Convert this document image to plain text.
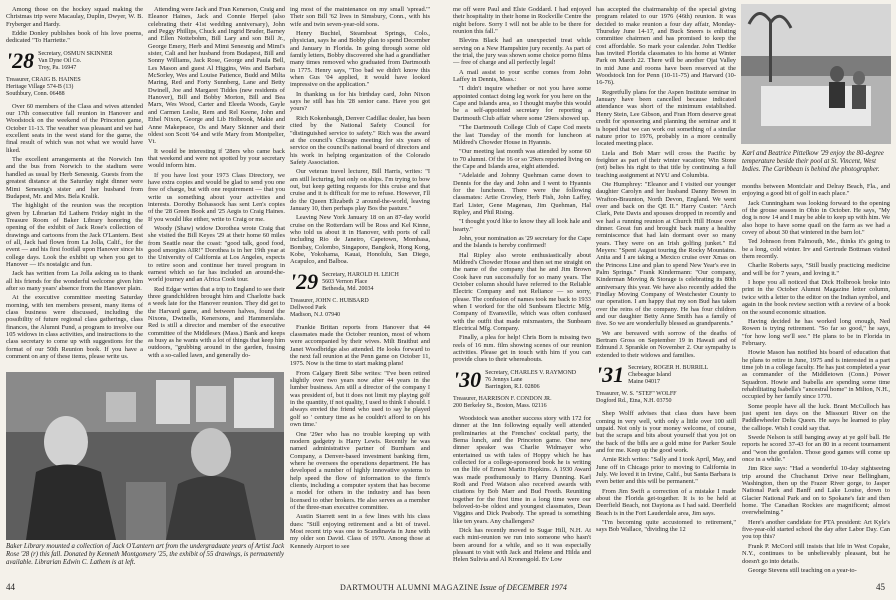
Among those on the hockey squad making the Christmas trip were Macaulay, Duplin, Dwyer, W. B. Fryberger and Hardy.

Eddie Donley publishes book of his love poems, dedicated "To Harriette."

'28 Secretary, OSMUN SKINNER
Van Dyne Oil Co.
Troy, Pa. 16947
Treasurer, CRAIG B. HAINES
Heritage Village 574-B (13)
Southbury, Conn. 06488

Over 60 members of the Class and wives attended our 17th consecutive fall reunion in Hanover and Woodstock on the weekend of the Princeton game, October 11-13. The weather was pleasant and we had excellent seats in the west stand for the game, the final result of which was not what we would have liked.

The excellent arrangements at the Norwich Inn and the bus from Norwich to the stadium were handled as usual by Herb Senesnig. Guests from the greatest distance at the Saturday night dinner were Mimi Senesnig's sister and her husband from Budapest, Mr. and Mrs. Bela Kralik.

The highlight of the reunion was the reception given by Librarian Ed Lathem Friday night in the Treasure Room of Baker Library honoring the opening of the exhibit of Jack Rose's collection of drawings and cartoons from the Jack O'Lantern. Best of all, Jack had flown from La Jolla, Calif., for the event — and his first footfall upon Hanover since his college days. Look the exhibit up when you get to Hanover — it's nostalgic and fun.

Jack has written from La Jolla asking us to thank all his friends for the wonderful welcome given him after so many years' absence from the Hanover plain.

At the executive committee meeting Saturday morning, with ten members present, many items of class business were discussed, including the possibility of future regional class gatherings, class finances, the Alumni Fund, a program to involve our 105 widows in class activities, and instructions to the class secretary to come up with suggestions for the format of our 50th Reunion book. If you have a comment on any of these items, please write us.

Attending were Jack and Fran Kenerson, Craig and Eleanor Haines, Jack and Connie Herpel (also celebrating their 41st wedding anniversary), John and Peggy Phillips, Chuck and Ingrid Bruder, Barney and Ellen Nottebohm, Bill Lary and son Bill Jr., George Emery, Herb and Mimi Senesnig and Mimi's sister, Cali and her husband from Budapest, Bill and Sonny Williams, Jack Rose, George and Paula Bell, Les Mason and guest Al Higgins, Wes and Barbara McSorley, Wes and Louise Patience, Budd and Milta Maring, Red and Forty Sunnberg, Lane and Betty Dwinell, Joe and Margaret Tiddes (new residents of Hanover), Bill and Bobby Morton, Bill and Bea Marx, Wes Wood, Carter and Eleeda Woods, Gayle and Carmen Leslie, Rem and Rel Keene, John and Ethel Nixon, George and Lib Holbrook, Makie and Anne Makepeace, Os and Mary Skinner and their oldest son Scott '64 and wife Mary from Montpelier, Vt.

It would be interesting if '28ers who came back that weekend and were not spotted by your secretary would inform him.

If you have lost your 1973 Class Directory, we have extra copies and would be glad to send you one free of charge, but with one requirement — that you write us something about your activities and interests. Dorothy Bohassock has sent Len's copies of the '28 Green Book and '25 Aegis to Craig Haines. If you would like either, write to Craig or me.

Woody (Shaw) widow Dorothea wrote Craig that she visited the Bill Keyes '29 at their home 60 miles from Seattle near the coast: "good talk, good food, good smorgies AIR!" Dorothea is in her 19th year at the University of California at Los Angeles, expects to retire soon and continue her travel program in earnest which so far has included an around-the-world journey and an Africa Cook tour.

Red Edgar writes that a trip to England to see their three grandchildren brought him and Charlotte back a week late for the Hanover reunion. They did get to the Harvard game, and between halves, found the Nixons, Dwinells, Kenersons, and Hammerslahs. Red is still a director and member of the executive committee of the Middlesex (Mass.) Bank and keeps as busy as he wants with a lot of things that keep him outdoors, "grubbing around in the garden, fussing with a so-called lawn, and generally do-

ing most of the maintenance on my small 'spread.'" Their son Bill '62 lives in Simsbury, Conn., with his wife and twin seven-year-old sons.

Henry Buchtel, Steamboat Springs, Colo., physician, says he and Bobby plan to spend December and January in Florida. In going through some old family letters, Bobby discovered she had a grandfather many times removed who graduated from Dartmouth in 1775. Henry says, "Too bad we didn't know this when Gus '04 applied, it would have looked impressive on the application."

In thanking us for his birthday card, John Nixon says he still has his '28 senior cane. Have you got yours?

Rich Kokenbaugh, Denver Cadillac dealer, has been cited by the National Safety Council for "distinguished service to safety." Rich was the award at the council's Chicago meeting for six years of service on the council's national board of directors and his work in helping organization of the Colorado Safety Association.

Our veteran travel lecturer, Bill Harris, writes: "I am still lecturing, but only on ships. I'm trying to bow out, but keep getting requests for this cruise and that cruise and it is difficult for me to refuse. However, I'll do the Queen Elizabeth 2 around-the-world, leaving January 10, then perhaps play Bos the pasture."

Leaving New York January 18 on an 87-day world cruise on the Rotterdam will be Ross and Kel Kinne, who told us about it in Hanover, with ports of call including Rio de Janeiro, Capetown, Mombasa, Bombay, Colombo, Singapore, Bangkok, Hong Kong, Kobe, Yokohama, Kauai, Honolulu, San Diego, Acapulco, and Balboa.

'29 Secretary, HAROLD H. LEICH
5603 Vernon Place
Bethesda, Md. 20034
Treasurer, JOHN C. HUBBARD
Dellwood Park
Madison, N.J. 07940

Frankie Brittan reports from Hanover that 44 classmates made the October reunion, most of whom were accompanied by their wives. Milt Braithut and Janet Woodbridge also attended. He looks forward to the next fall reunion at the Penn game on October 11, 1975. Now is the time to start making plans!

From Calgary Brett Sibe writes: "I've been retired slightly over two years now after 44 years in the lumber business. Am still a director of the company I was president of, but it does not limit my playing golf in the quantity, if not quality, I used to think I should. I always envied the friend who used to say he played golf so ' century time as he couldn't afford to on his own time.'

One '29er who has no trouble keeping up with modern gadgetry is Harry Lewis. Recently he was named administrative partner of Burnham and Company, a Denver-based investment banking firm, where he oversees the operations department. He has developed a number of highly innovative systems to help speed the flow of information to the firm's clients, including a computer system that has become a model for others in the industry and has been licensed to other brokers. He also serves as a member of the three-man executive committee.

Austin Starrett sent in a few lines with his class dues: "Still enjoying retirement and a bit of travel. Most recent trip was one to Scandinavia in June with my older son David. Class of 1970. Among those at Kennedy Airport to see

Baker Library mounted a collection of Jack O'Lantern art from the undergraduate years of Artist Jack Rose '28 (r) this fall. Donated by Kenneth Montgomery '25, the exhibit of 55 drawings, is permanently available. Librarian Edwin C. Lathem is at left.

me off were Paul and Elsie Goddard. I had enjoyed their hospitality in their home in Rockville Centre the night before. Sorry I will not be able to be there for reunion this fall."

Blevins Black had an unexpected treat while serving on a New Hampshire jury recently. As part of the trial, the jury was shown some choice porno films — free of charge and all perfectly legal!

A mail assist to your scribe comes from John Laffey in Dennis, Mass.:

"I didn't inquire whether or not you have some appointed contact doing leg work for you here on the Cape and Islands area, so I thought maybe this would be a self-appointed secretary for reporting a Dartmouth Club affair where some '29ers showed up.

"The Dartmouth College Club of Cape Cod meets the last Tuesday of the month for luncheon at Mildred's Chowder House in Hyannis.

"Our meeting last month was attended by some 60 to 70 alumni. Of the 16 or so '29ers reported living on the Cape and Islands area, eight attended.

"Adelaide and Johnny Quehman came down to Dennis for the day and John and I went to Hyannis for the luncheon. There were the following classmates: Artie Crowley, Herb Fish, John Laffey, Earl Lister, Gene Magenau, Jim Quehman, Hal Ripley, and Phil Rising.

"I thought you'd like to know they all look hale and hearty."

John, your nomination as '29 secretary for the Cape and the Islands is hereby confirmed!

Hal Ripley also wrote enthusiastically about Mildred's Chowder House and then set me straight on the name of the company that he and Jim Brown Cook have run successfully for so many years. The October column should have referred to the Reliable Electric Company and not Reliance — so sorry, please. The confusion of names took me back to 1933 when I worked for the old Sunbeam Electric Mfg. Company of Evansville, which was often confused with the outfit that made mixmasters, the Sunbeam Electrical Mfg. Company.

Finally, a plea for help! Chris Born is missing two reels of 16 mm. film showing scenes of our reunion activities. Please get in touch with him if you can provide clues to their whereabouts.

'30 Secretary, CHARLES V. RAYMOND
76 Jennys Lane
Barrington, R.I. 02806
Treasurer, HARRISON F. CONDON JR.
200 Berkeley St., Boston, Mass. 02116

Woodstock was another success story with 172 for dinner at the Inn following equally well attended preliminaries at the Frenches' cocktail party, the Bema lunch, and the Princeton game. One new dinner speaker was Charlie Widmayer who entertained us with tales of Hoppy which he has collected for a college-sponsored book he is writing on the life of Ernest Martin Hopkins. A 1930 Award was made posthumously to Harry Dunning. Karl Rodi and Fred Watson also received awards with citations by Bob Marr and Bud Freeth. Reuniting together for the first time in a long time were our beloved-to-be oldest and youngest classmates, Dean Viggins and Dick Peabody. The spread is something like ten years. Any challengers?

Dick has recently moved to Sugar Hill, N.H. At each mini-reunion we run into someone who hasn't been around for a while, and so it was especially pleasant to visit with Jack and Helene and Hilda and Helen Sulivia and Al Kronengold. Ev Low

has accepted the chairmanship of the special giving program related to our 1976 (46th) reunion. It was decided to make reunion a four day affair, Monday-Thursday June 14-17, and Buck Sneers is enlisting committee chairmen and has promised to keep the cost affordable. So mark your calendar. John Tiedtke has invited Florida classmates to his home at Winter Park on March 22. There will be another Ojai Valley in mid June and rooms have been reserved at the Woodstock Inn for Penn (10-11-75) and Harvard (10-16-76).

Regretfully plans for the Aspen Institute seminar in January have been cancelled because indicated attendance was short of the minimum established. Henry Stein, Lee Gibson, and Fran Horn deserve great credit for sponsoring and planning the seminar and it is hoped that we can work out something of a similar nature prior to 1976, probably in a more centrally located meeting place.

Liela and Bob Marr will cross the Pacific by freighter as part of their winter vacation; Win Stone (ret) belies his right to that title by continuing a full teaching assignment at NYU and Columbia.

Ote Humphrey: "Eleanor and I visited our younger daughter Carolyn and her husband Danny Brown in Wrafton-Braunton, North Devon, England. We went over and back on the QE II." Harry Custer: "Arch Clark, Pete Davis and spouses dropped in recently and we had a running reunion at Church Hill House over dinner. Great fun and brought back many a healthy reminiscence that had lain dormant over so many years. They were on an Irish golfing junket." Ed Meyers: "Spent August touring the Rocky Mountains. Anita and I are taking a Mexico cruise over Xmas on the Princess Line and plan to spend New Year's eve in Palm Springs." Frank Kindermann: "Our company, Kinderman Moving & Storage is celebrating its 80th anniversary this year. We have also recently added the Findlay Moving Company of Westchester County to our operation. I am happy that my son Bud has taken over the reins of the company. He has four children and our daughter Betty Anne Smith has a family of five. So we are wonderfully blessed as grandparents."

We are bereaved with sorrow of the deaths of Bertram Gross on September 19 in Hawaii and of Edmund J. Sprankle on November 2. Our sympathy is extended to their widows and families.

'31 Secretary, ROGER H. BURRILL
Chebeague Island
Maine 04017
Treasurer, W. S. "STEF" WOLFF
Dogford Rd., Etna, N.H. 03750

Shep Wolff advises that class dues have been coming in very well, with only a little over 100 still unpaid. Not only is your money welcome, of course, but the scraps and bits about yourself that you jot on the back of the bills are a gold mine for Parker Soule and for me. Keep up the good work.

Arnie Rich writes: "Sally and I took April, May, and June off in Chicago prior to moving to California in July. We loved it in Irvine, Calif., but Santa Barbara is even better and this will be permanent."

From Jim Swift a correction of a mistake I made about the Florida get-together. It is to be held at Deerfield Beach, not Daytona as I had said. Deerfield Beach is in the Fort Lauderdale area, Jim says.

"I'm becoming quite accustomed to retirement," says Bob Wallace, "dividing the 12

Karl and Beatrice Pittelkow '29 enjoy the 80-degree temperature beside their pool at St. Vincent, West Indies. The Caribbean is behind the photographer.

months between Montclair and Delray Beach, Fla., and enjoying a good bit of golf in each place."

Jack Cunningham was looking forward to the opening of the grouse season in Ohio in October. He says, "My dog is now 14 and I may be able to keep up with him. We also hope to have some quail on the farm as we had a covey of about 30 that wintered in the barn lot."

Ted Johnson from Falmouth, Me., thinks it's going to be a long, cold winter. Irv and Gertrude Bottman visited them recently.

Charlie Roberts says, "Still busily practicing medicine and will be for 7 years, and loving it."

I hope you all noticed that Dick Holbrook broke into print in the October Alumni Magazine letter column, twice with a letter to the editor on the Indian symbol, and again in the book review section with a review of a book on the sound economic situation.

Having decided he has worked long enough, Ned Rowen is trying retirement. "So far so good," he says, "for how long we'll see." He plans to be in Florida in February.

Howie Mason has notified his board of education that he plans to retire in June, 1975 and is interested in a part time job in a college faculty. He has just completed a year as commander of the Middletown (Conn.) Power Squadron. Howie and Isabella are spending some time rehabilitating Isabella's "ancestral home" in Milton, N.H., occupied by her family since 1770.

Some people have all the luck. Brant McCulloch has just spent ten days on the Missouri River on the Paddlewheeler Delta Queen. He says he learned to play the calliope. Wish I could say that.

Swede Nelson is still banging away at ye golf ball. He reports he scored 37-43 for an 80 in a recent tournament and "won the gonfalon. Those good games will come up once in a while."

Jim Rice says: "Had a wonderful 10-day sightseeing trip around the Chuchanut Drive near Bellingham, Washington, then up the Frazer River gorge, to Jasper National Park and Banff and Lake Louise, down to Glacier National Park and on to Spokane's fair and then home. The Canadian Rockies are magnificent; almost overwhelming."

Here's another candidate for PTA president: Art Kyle's five-year-old started school the day after Labor Day. Can you top this?

Frank P. McCord still insists that life in West Copake, N.Y., continues to be unbelievably pleasant, but he doesn't go into details.

George Stevens still teaching on a year-to-

44	DARTMOUTH ALUMNI MAGAZINE Issue of DECEMBER 1974	45
